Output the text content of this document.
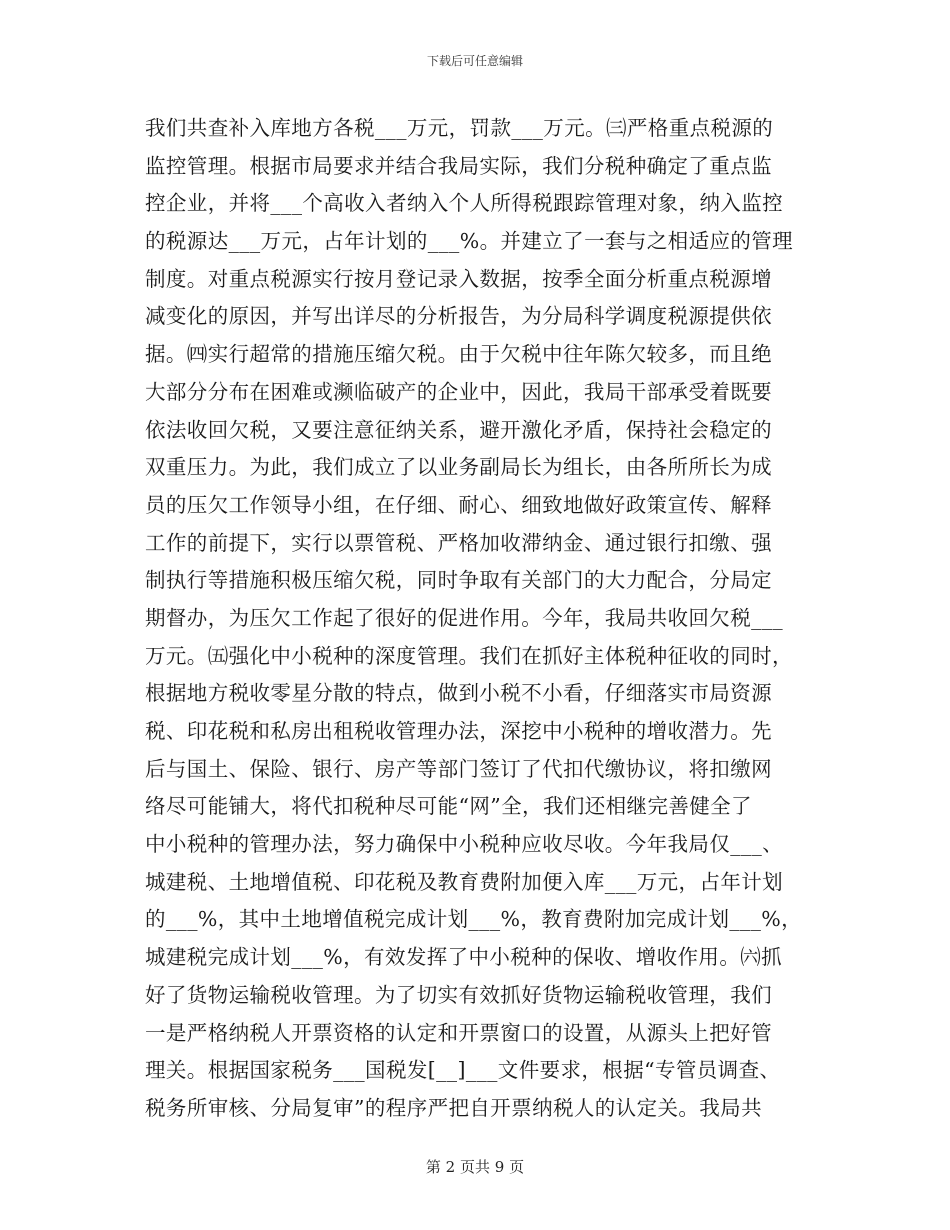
下载后可任意编辑
我们共查补入库地方各税___万元，罚款___万元。㈢严格重点税源的
监控管理。根据市局要求并结合我局实际，我们分税种确定了重点监
控企业，并将___个高收入者纳入个人所得税跟踪管理对象，纳入监控
的税源达___万元，占年计划的___%。并建立了一套与之相适应的管理
制度。对重点税源实行按月登记录入数据，按季全面分析重点税源增
减变化的原因，并写出详尽的分析报告，为分局科学调度税源提供依
据。㈣实行超常的措施压缩欠税。由于欠税中往年陈欠较多，而且绝
大部分分布在困难或濒临破产的企业中，因此，我局干部承受着既要
依法收回欠税，又要注意征纳关系，避开激化矛盾，保持社会稳定的
双重压力。为此，我们成立了以业务副局长为组长，由各所所长为成
员的压欠工作领导小组，在仔细、耐心、细致地做好政策宣传、解释
工作的前提下，实行以票管税、严格加收滞纳金、通过银行扣缴、强
制执行等措施积极压缩欠税，同时争取有关部门的大力配合，分局定
期督办，为压欠工作起了很好的促进作用。今年，我局共收回欠税___
万元。㈤强化中小税种的深度管理。我们在抓好主体税种征收的同时，
根据地方税收零星分散的特点，做到小税不小看，仔细落实市局资源
税、印花税和私房出租税收管理办法，深挖中小税种的增收潜力。先
后与国土、保险、银行、房产等部门签订了代扣代缴协议，将扣缴网
络尽可能铺大，将代扣税种尽可能“网”全，我们还相继完善健全了
中小税种的管理办法，努力确保中小税种应收尽收。今年我局仅___、
城建税、土地增值税、印花税及教育费附加便入库___万元，占年计划
的___%，其中土地增值税完成计划___%，教育费附加完成计划___%，
城建税完成计划___%，有效发挥了中小税种的保收、增收作用。㈥抓
好了货物运输税收管理。为了切实有效抓好货物运输税收管理，我们
一是严格纳税人开票资格的认定和开票窗口的设置，从源头上把好管
理关。根据国家税务___国税发[__]___文件要求，根据“专管员调查、
税务所审核、分局复审”的程序严把自开票纳税人的认定关。我局共
第 2 页共 9 页
